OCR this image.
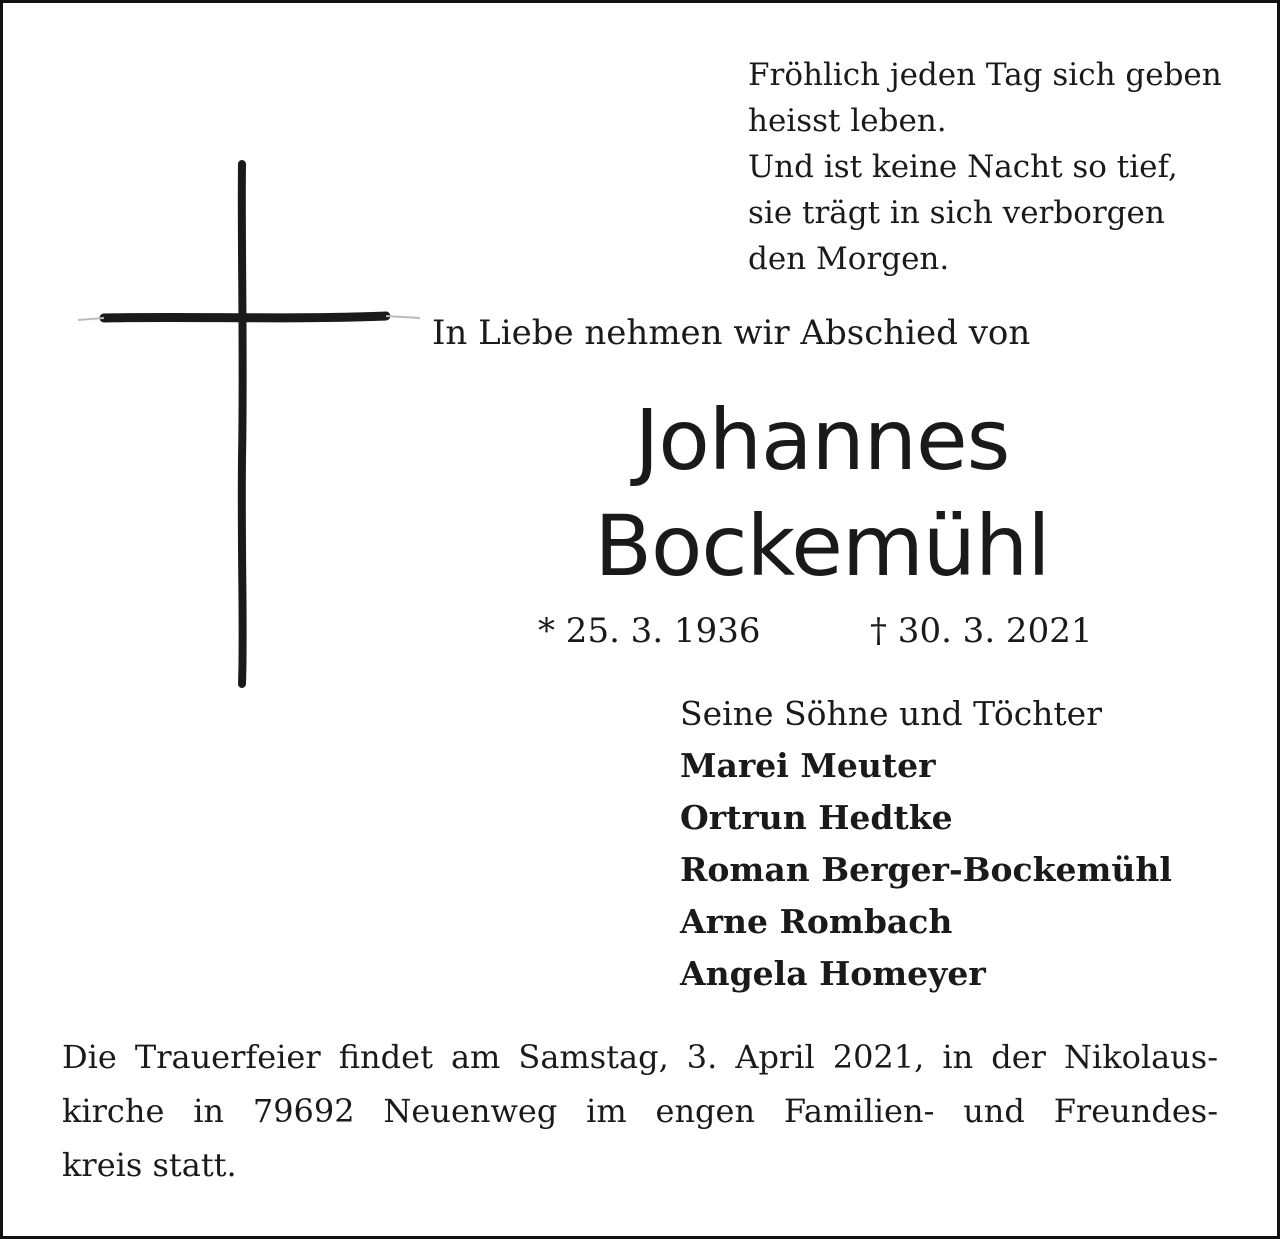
Fröhlich jeden Tag sich geben
heisst leben.
Und ist keine Nacht so tief,
sie trägt in sich verborgen
den Morgen.
In Liebe nehmen wir Abschied von
Johannes
Bockemühl
* 25. 3. 1936	† 30. 3. 2021
Seine Söhne und Töchter
Marei Meuter
Ortrun Hedtke
Roman Berger-Bockemühl
Arne Rombach
Angela Homeyer
Die Trauerfeier findet am Samstag, 3. April 2021, in der Nikolaus-
kirche in 79692 Neuenweg im engen Familien- und Freundes-
kreis statt.
